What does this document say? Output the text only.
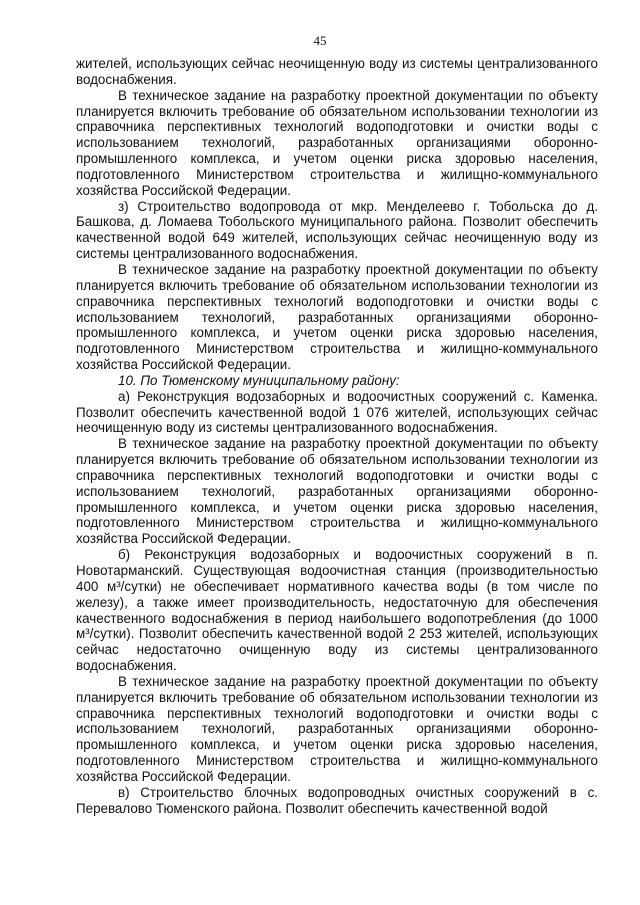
45

жителей, использующих сейчас неочищенную воду из системы централизованного водоснабжения.

В техническое задание на разработку проектной документации по объекту планируется включить требование об обязательном использовании технологии из справочника перспективных технологий водоподготовки и очистки воды с использованием технологий, разработанных организациями оборонно-промышленного комплекса, и учетом оценки риска здоровью населения, подготовленного Министерством строительства и жилищно-коммунального хозяйства Российской Федерации.

з) Строительство водопровода от мкр. Менделеево г. Тобольска до д. Башкова, д. Ломаева Тобольского муниципального района. Позволит обеспечить качественной водой 649 жителей, использующих сейчас неочищенную воду из системы централизованного водоснабжения.

В техническое задание на разработку проектной документации по объекту планируется включить требование об обязательном использовании технологии из справочника перспективных технологий водоподготовки и очистки воды с использованием технологий, разработанных организациями оборонно-промышленного комплекса, и учетом оценки риска здоровью населения, подготовленного Министерством строительства и жилищно-коммунального хозяйства Российской Федерации.

10. По Тюменскому муниципальному району:

а) Реконструкция водозаборных и водоочистных сооружений с. Каменка. Позволит обеспечить качественной водой 1 076 жителей, использующих сейчас неочищенную воду из системы централизованного водоснабжения.

В техническое задание на разработку проектной документации по объекту планируется включить требование об обязательном использовании технологии из справочника перспективных технологий водоподготовки и очистки воды с использованием технологий, разработанных организациями оборонно-промышленного комплекса, и учетом оценки риска здоровью населения, подготовленного Министерством строительства и жилищно-коммунального хозяйства Российской Федерации.

б) Реконструкция водозаборных и водоочистных сооружений в п. Новотарманский. Существующая водоочистная станция (производительностью 400 м³/сутки) не обеспечивает нормативного качества воды (в том числе по железу), а также имеет производительность, недостаточную для обеспечения качественного водоснабжения в период наибольшего водопотребления (до 1000 м³/сутки). Позволит обеспечить качественной водой 2 253 жителей, использующих сейчас недостаточно очищенную воду из системы централизованного водоснабжения.

В техническое задание на разработку проектной документации по объекту планируется включить требование об обязательном использовании технологии из справочника перспективных технологий водоподготовки и очистки воды с использованием технологий, разработанных организациями оборонно-промышленного комплекса, и учетом оценки риска здоровью населения, подготовленного Министерством строительства и жилищно-коммунального хозяйства Российской Федерации.

в) Строительство блочных водопроводных очистных сооружений в с. Перевалово Тюменского района. Позволит обеспечить качественной водой
